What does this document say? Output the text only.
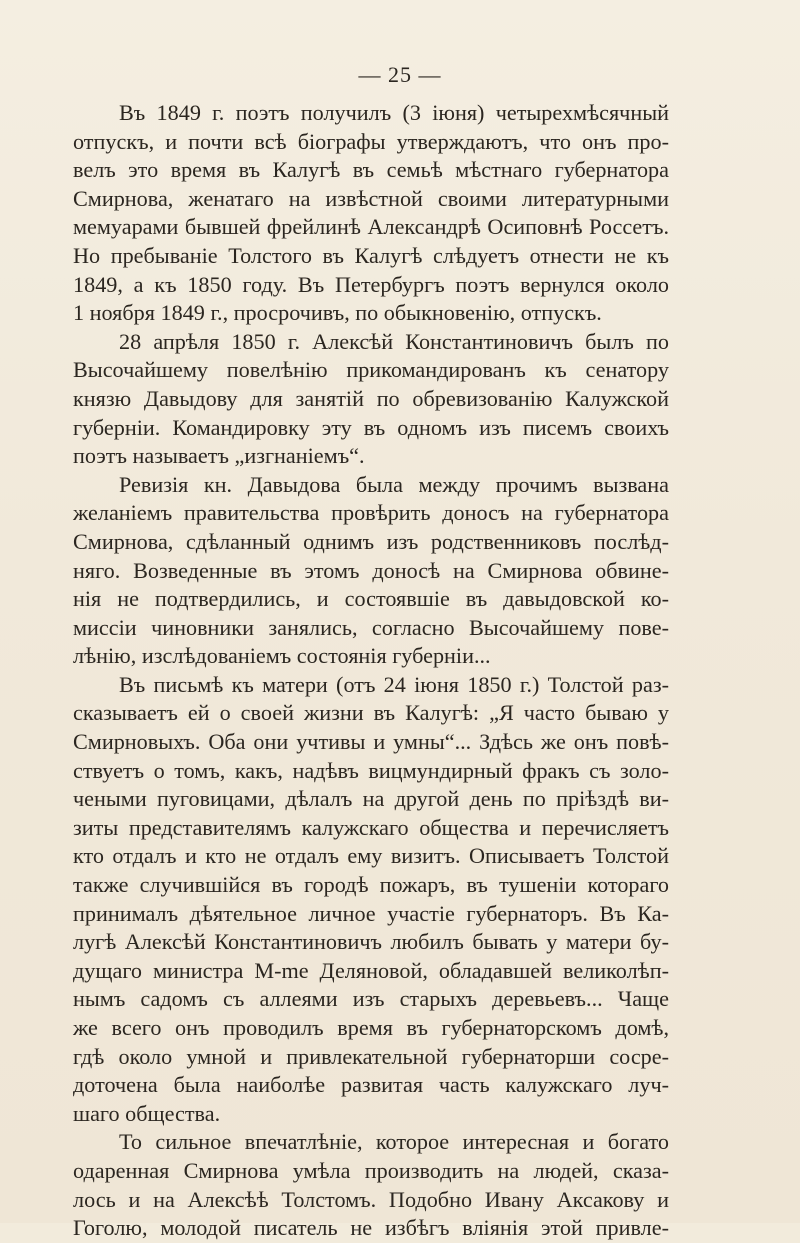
— 25 —
Въ 1849 г. поэтъ получилъ (3 іюня) четырехмѣсячный
отпускъ, и почти всѣ біографы утверждаютъ, что онъ про-
велъ это время въ Калугѣ въ семьѣ мѣстнаго губернатора
Смирнова, женатаго на извѣстной своими литературными
мемуарами бывшей фрейлинѣ Александрѣ Осиповнѣ Россетъ.
Но пребываніе Толстого въ Калугѣ слѣдуетъ отнести не къ
1849, а къ 1850 году. Въ Петербургъ поэтъ вернулся около
1 ноября 1849 г., просрочивъ, по обыкновенію, отпускъ.
28 апрѣля 1850 г. Алексѣй Константиновичъ былъ по
Высочайшему повелѣнію прикомандированъ къ сенатору
князю Давыдову для занятій по обревизованію Калужской
губерніи. Командировку эту въ одномъ изъ писемъ своихъ
поэтъ называетъ „изгнаніемъ“.
Ревизія кн. Давыдова была между прочимъ вызвана
желаніемъ правительства провѣрить доносъ на губернатора
Смирнова, сдѣланный однимъ изъ родственниковъ послѣд-
няго. Возведенные въ этомъ доносѣ на Смирнова обвине-
нія не подтвердились, и состоявшіе въ давыдовской ко-
миссіи чиновники занялись, согласно Высочайшему пове-
лѣнію, изслѣдованіемъ состоянія губерніи...
Въ письмѣ къ матери (отъ 24 іюня 1850 г.) Толстой раз-
сказываетъ ей о своей жизни въ Калугѣ: „Я часто бываю у
Смирновыхъ. Оба они учтивы и умны“... Здѣсь же онъ повѣ-
ствуетъ о томъ, какъ, надѣвъ вицмундирный фракъ съ золо-
чеными пуговицами, дѣлалъ на другой день по пріѣздѣ ви-
зиты представителямъ калужскаго общества и перечисляетъ
кто отдалъ и кто не отдалъ ему визитъ. Описываетъ Толстой
также случившійся въ городѣ пожаръ, въ тушеніи котораго
принималъ дѣятельное личное участіе губернаторъ. Въ Ка-
лугѣ Алексѣй Константиновичъ любилъ бывать у матери бу-
дущаго министра M-me Деляновой, обладавшей великолѣп-
нымъ садомъ съ аллеями изъ старыхъ деревьевъ... Чаще
же всего онъ проводилъ время въ губернаторскомъ домѣ,
гдѣ около умной и привлекательной губернаторши сосре-
доточена была наиболѣе развитая часть калужскаго луч-
шаго общества.
То сильное впечатлѣніе, которое интересная и богато
одаренная Смирнова умѣла производить на людей, сказа-
лось и на Алексѣѣ Толстомъ. Подобно Ивану Аксакову и
Гоголю, молодой писатель не избѣгъ вліянія этой привле-
